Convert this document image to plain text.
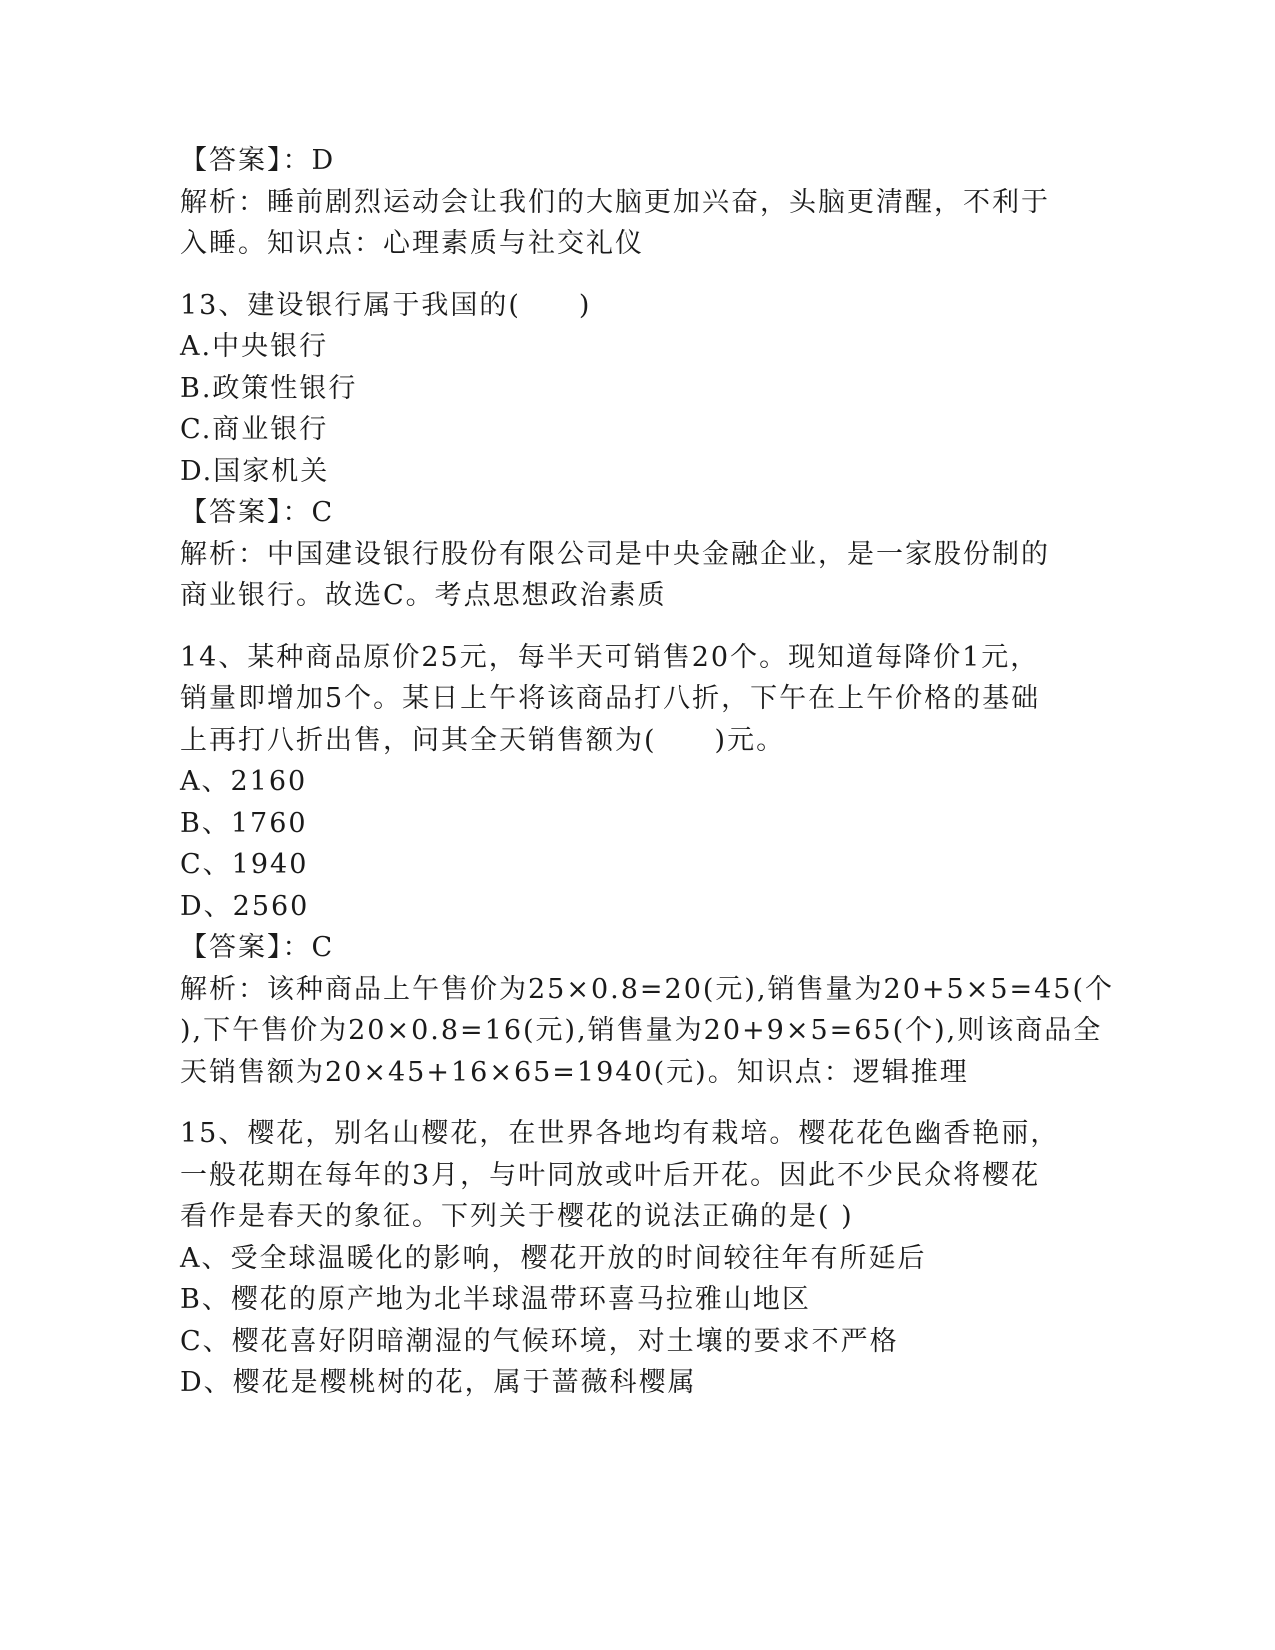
【答案】：D
解析：睡前剧烈运动会让我们的大脑更加兴奋，头脑更清醒，不利于
入睡。知识点：心理素质与社交礼仪
13、建设银行属于我国的(　　)
A.中央银行
B.政策性银行
C.商业银行
D.国家机关
【答案】：C
解析：中国建设银行股份有限公司是中央金融企业，是一家股份制的
商业银行。故选C。考点思想政治素质
14、某种商品原价25元，每半天可销售20个。现知道每降价1元，
销量即增加5个。某日上午将该商品打八折，下午在上午价格的基础
上再打八折出售，问其全天销售额为(　　)元。
A、2160
B、1760
C、1940
D、2560
【答案】：C
解析：该种商品上午售价为25×0.8=20(元),销售量为20+5×5=45(个
),下午售价为20×0.8=16(元),销售量为20+9×5=65(个),则该商品全
天销售额为20×45+16×65=1940(元)。知识点：逻辑推理
15、樱花，别名山樱花，在世界各地均有栽培。樱花花色幽香艳丽，
一般花期在每年的3月，与叶同放或叶后开花。因此不少民众将樱花
看作是春天的象征。下列关于樱花的说法正确的是( )
A、受全球温暖化的影响，樱花开放的时间较往年有所延后
B、樱花的原产地为北半球温带环喜马拉雅山地区
C、樱花喜好阴暗潮湿的气候环境，对土壤的要求不严格
D、樱花是樱桃树的花，属于蔷薇科樱属
